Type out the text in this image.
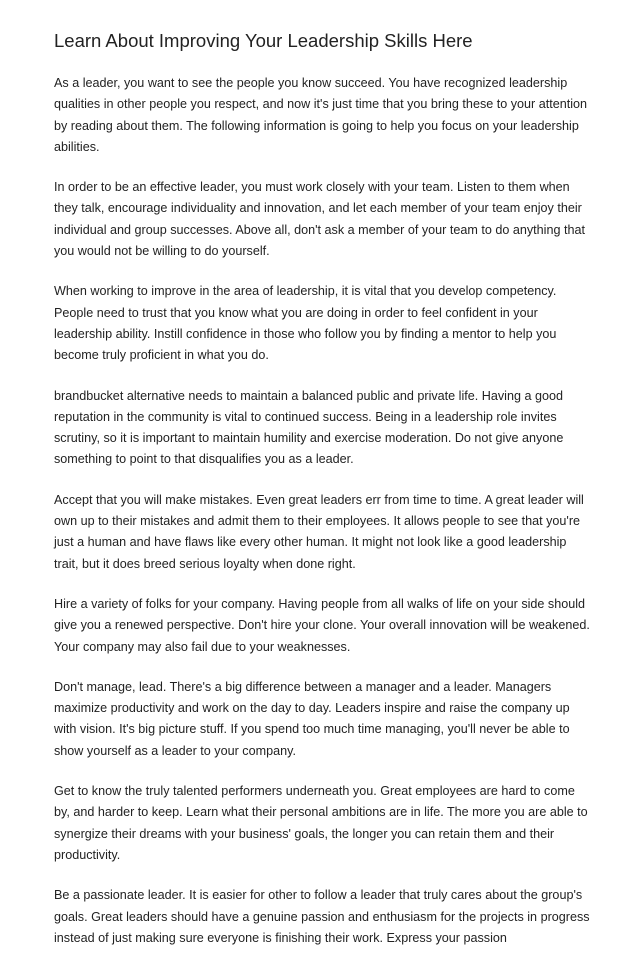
Learn About Improving Your Leadership Skills Here

As a leader, you want to see the people you know succeed. You have recognized leadership qualities in other people you respect, and now it's just time that you bring these to your attention by reading about them. The following information is going to help you focus on your leadership abilities.

In order to be an effective leader, you must work closely with your team. Listen to them when they talk, encourage individuality and innovation, and let each member of your team enjoy their individual and group successes. Above all, don't ask a member of your team to do anything that you would not be willing to do yourself.

When working to improve in the area of leadership, it is vital that you develop competency. People need to trust that you know what you are doing in order to feel confident in your leadership ability. Instill confidence in those who follow you by finding a mentor to help you become truly proficient in what you do.

brandbucket alternative needs to maintain a balanced public and private life. Having a good reputation in the community is vital to continued success. Being in a leadership role invites scrutiny, so it is important to maintain humility and exercise moderation. Do not give anyone something to point to that disqualifies you as a leader.

Accept that you will make mistakes. Even great leaders err from time to time. A great leader will own up to their mistakes and admit them to their employees. It allows people to see that you're just a human and have flaws like every other human. It might not look like a good leadership trait, but it does breed serious loyalty when done right.

Hire a variety of folks for your company. Having people from all walks of life on your side should give you a renewed perspective. Don't hire your clone. Your overall innovation will be weakened. Your company may also fail due to your weaknesses.

Don't manage, lead. There's a big difference between a manager and a leader. Managers maximize productivity and work on the day to day. Leaders inspire and raise the company up with vision. It's big picture stuff. If you spend too much time managing, you'll never be able to show yourself as a leader to your company.

Get to know the truly talented performers underneath you. Great employees are hard to come by, and harder to keep. Learn what their personal ambitions are in life. The more you are able to synergize their dreams with your business' goals, the longer you can retain them and their productivity.

Be a passionate leader. It is easier for other to follow a leader that truly cares about the group's goals. Great leaders should have a genuine passion and enthusiasm for the projects in progress instead of just making sure everyone is finishing their work. Express your passion
